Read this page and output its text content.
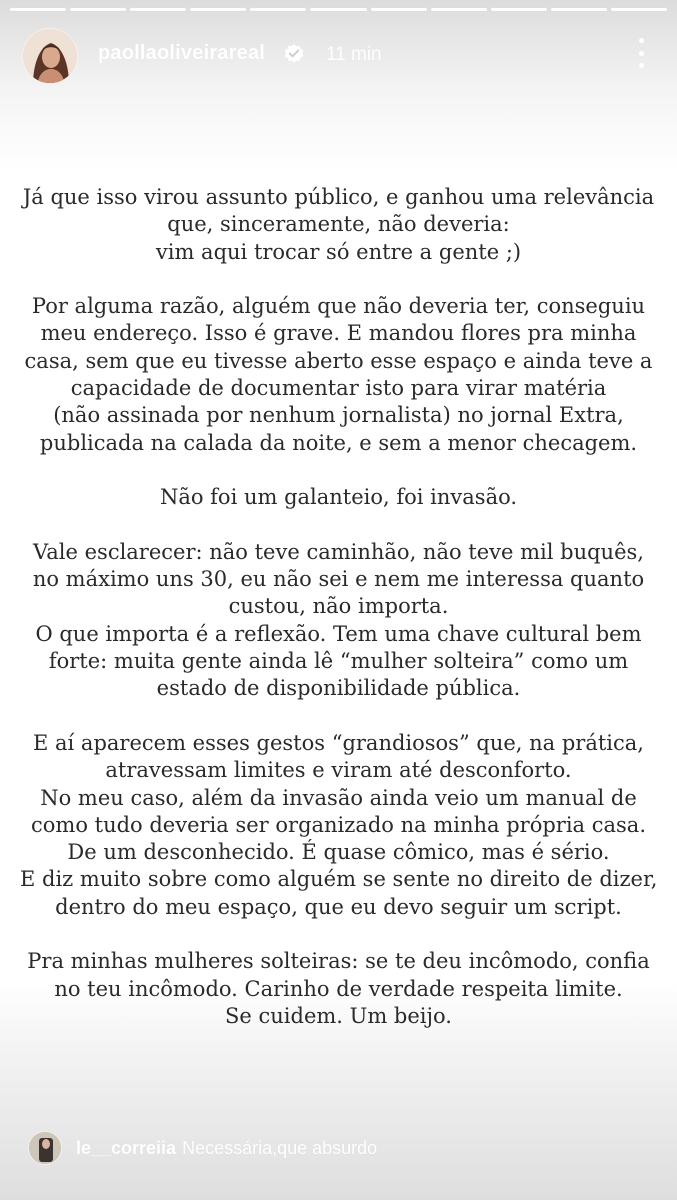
paollaoliveirareal	11 min
Já que isso virou assunto público, e ganhou uma relevância
que, sinceramente, não deveria:
vim aqui trocar só entre a gente ;)
Por alguma razão, alguém que não deveria ter, conseguiu
meu endereço. Isso é grave. E mandou flores pra minha
casa, sem que eu tivesse aberto esse espaço e ainda teve a
capacidade de documentar isto para virar matéria
(não assinada por nenhum jornalista) no jornal Extra,
publicada na calada da noite, e sem a menor checagem.
Não foi um galanteio, foi invasão.
Vale esclarecer: não teve caminhão, não teve mil buquês,
no máximo uns 30, eu não sei e nem me interessa quanto
custou, não importa.
O que importa é a reflexão. Tem uma chave cultural bem
forte: muita gente ainda lê “mulher solteira” como um
estado de disponibilidade pública.
E aí aparecem esses gestos “grandiosos” que, na prática,
atravessam limites e viram até desconforto.
No meu caso, além da invasão ainda veio um manual de
como tudo deveria ser organizado na minha própria casa.
De um desconhecido. É quase cômico, mas é sério.
E diz muito sobre como alguém se sente no direito de dizer,
dentro do meu espaço, que eu devo seguir um script.
Pra minhas mulheres solteiras: se te deu incômodo, confia
no teu incômodo. Carinho de verdade respeita limite.
Se cuidem. Um beijo.
le__correiia Necessária,que absurdo
